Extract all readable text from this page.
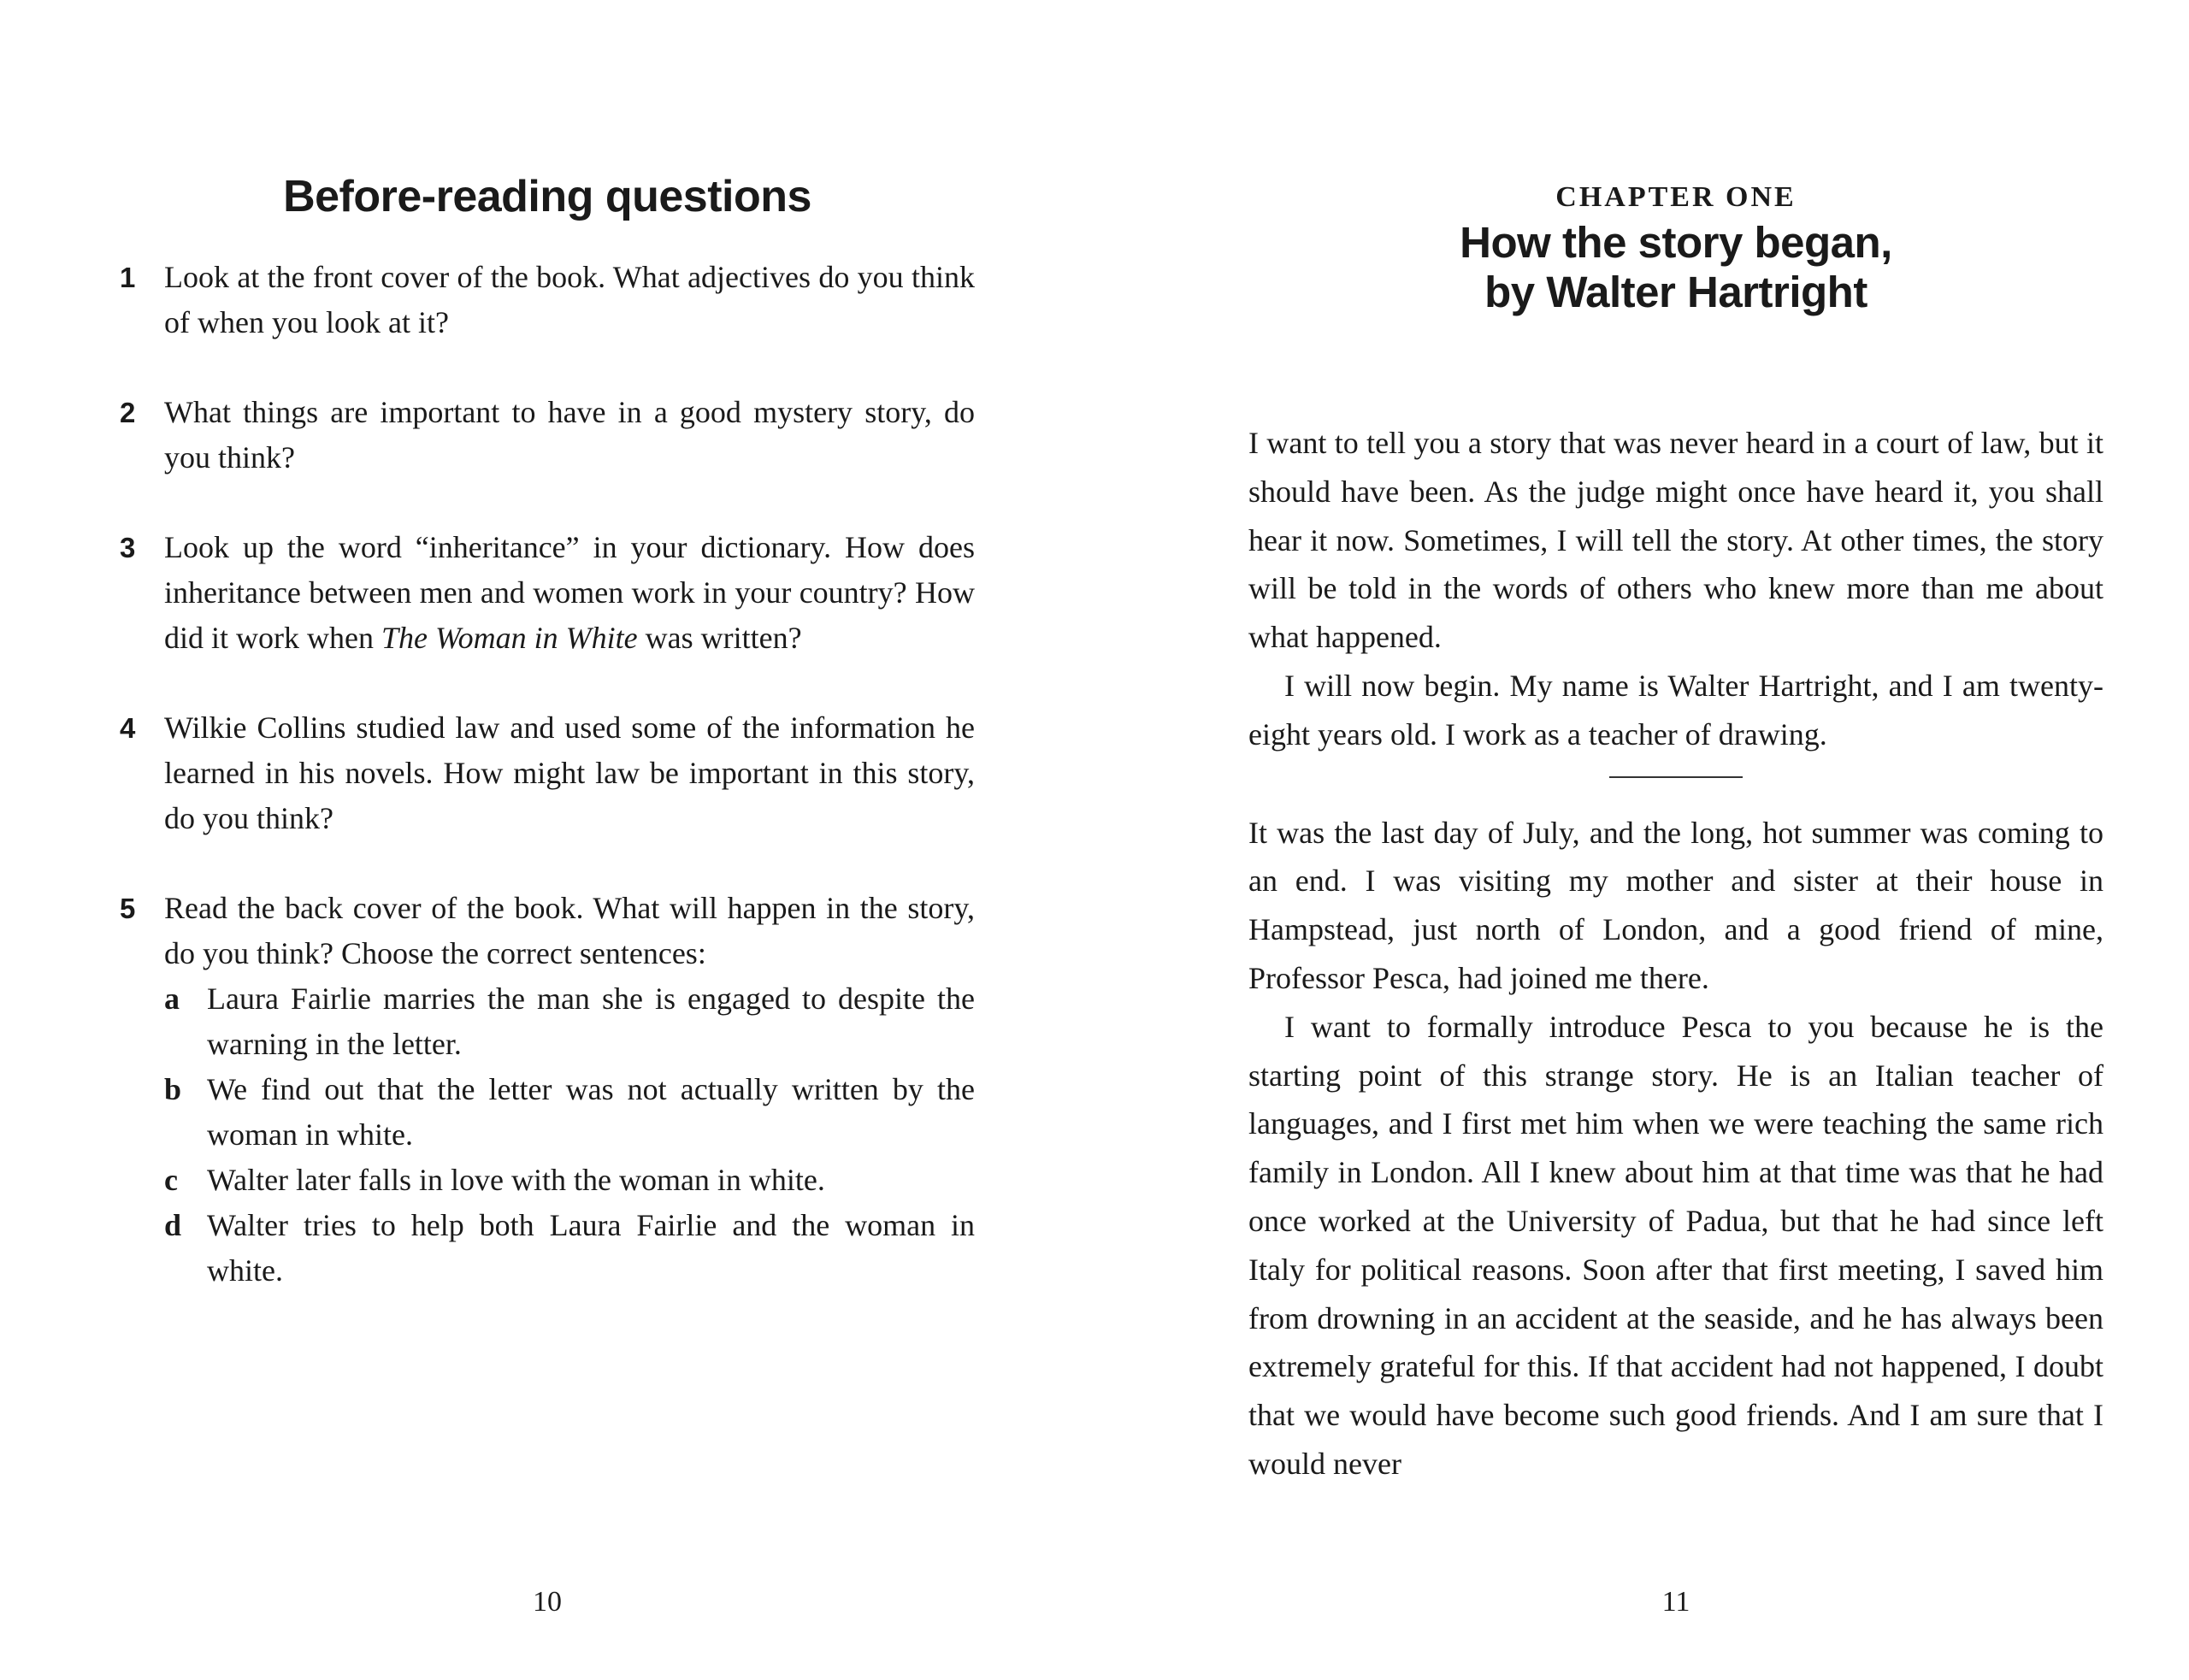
Before-reading questions
1 Look at the front cover of the book. What adjectives do you think of when you look at it?
2 What things are important to have in a good mystery story, do you think?
3 Look up the word “inheritance” in your dictionary. How does inheritance between men and women work in your country? How did it work when The Woman in White was written?
4 Wilkie Collins studied law and used some of the information he learned in his novels. How might law be important in this story, do you think?
5 Read the back cover of the book. What will happen in the story, do you think? Choose the correct sentences:
a Laura Fairlie marries the man she is engaged to despite the warning in the letter.
b We find out that the letter was not actually written by the woman in white.
c Walter later falls in love with the woman in white.
d Walter tries to help both Laura Fairlie and the woman in white.
10
CHAPTER ONE
How the story began,
by Walter Hartright

I want to tell you a story that was never heard in a court of law, but it should have been. As the judge might once have heard it, you shall hear it now. Sometimes, I will tell the story. At other times, the story will be told in the words of others who knew more than me about what happened.

I will now begin. My name is Walter Hartright, and I am twenty-eight years old. I work as a teacher of drawing.

It was the last day of July, and the long, hot summer was coming to an end. I was visiting my mother and sister at their house in Hampstead, just north of London, and a good friend of mine, Professor Pesca, had joined me there.

I want to formally introduce Pesca to you because he is the starting point of this strange story. He is an Italian teacher of languages, and I first met him when we were teaching the same rich family in London. All I knew about him at that time was that he had once worked at the University of Padua, but that he had since left Italy for political reasons. Soon after that first meeting, I saved him from drowning in an accident at the seaside, and he has always been extremely grateful for this. If that accident had not happened, I doubt that we would have become such good friends. And I am sure that I would never

11
